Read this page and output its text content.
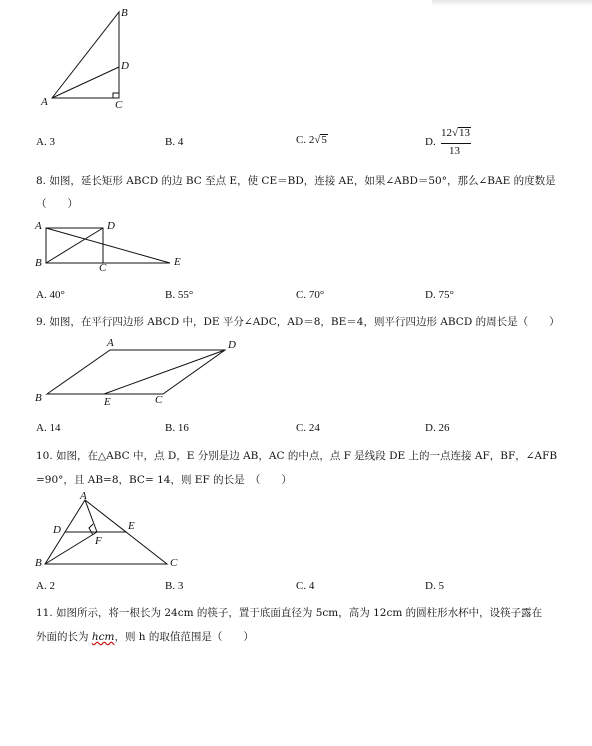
B
D
A	C
A. 3	B. 4	C. 2√5	D.
12√13
13
8. 如图，延长矩形 ABCD 的边 BC 至点 E，使 CE＝BD，连接 AE，如果∠ABD＝50°，那么∠BAE 的度数是
（　　）
A	D
B	C	E
A. 40°	B. 55°	C. 70°	D. 75°
9. 如图，在平行四边形 ABCD 中，DE 平分∠ADC，AD＝8，BE＝4，则平行四边形 ABCD 的周长是（　　）
A	D
B	E	C
A. 14	B. 16	C. 24	D. 26
10. 如图，在△ABC 中，点 D，E 分别是边 AB，AC 的中点，点 F 是线段 DE 上的一点连接 AF，BF，∠AFB
=90°，且 AB=8，BC= 14，则 EF 的长是　（　　）
A
D	E
F
B	C
A. 2	B. 3	C. 4	D. 5
11. 如图所示，将一根长为 24cm 的筷子，置于底面直径为 5cm，高为 12cm 的圆柱形水杯中，设筷子露在
外面的长为 hcm，则 h 的取值范围是（　　）
